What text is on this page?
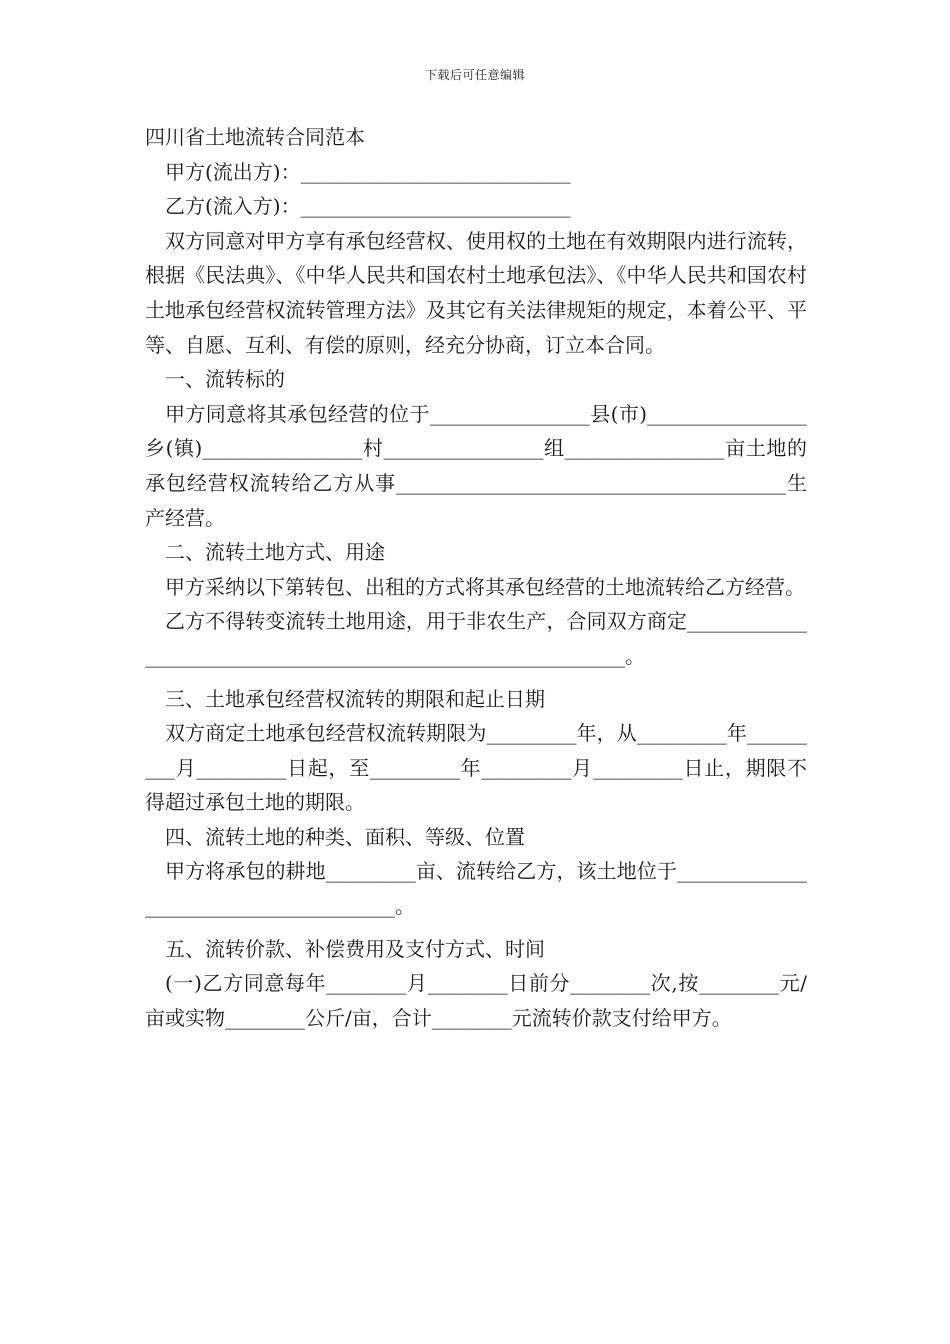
下载后可任意编辑

四川省土地流转合同范本

甲方(流出方)：___________________________

乙方(流入方)：___________________________

双方同意对甲方享有承包经营权、使用权的土地在有效期限内进行流转，根据《民法典》、《中华人民共和国农村土地承包法》、《中华人民共和国农村土地承包经营权流转管理方法》及其它有关法律规矩的规定，本着公平、平等、自愿、互利、有偿的原则，经充分协商，订立本合同。

一、流转标的

甲方同意将其承包经营的位于________________县(市)________________乡(镇)________________村________________组________________亩土地的承包经营权流转给乙方从事_______________________________________生产经营。

二、流转土地方式、用途

甲方采纳以下第转包、出租的方式将其承包经营的土地流转给乙方经营。

乙方不得转变流转土地用途，用于非农生产，合同双方商定____________________________________________________________。

三、土地承包经营权流转的期限和起止日期

双方商定土地承包经营权流转期限为_________年，从_________年_________月_________日起，至_________年_________月_________日止，期限不得超过承包土地的期限。

四、流转土地的种类、面积、等级、位置

甲方将承包的耕地_________亩、流转给乙方，该土地位于______________________________________。

五、流转价款、补偿费用及支付方式、时间

(一)乙方同意每年________月________日前分________次,按________元/亩或实物________公斤/亩，合计________元流转价款支付给甲方。
